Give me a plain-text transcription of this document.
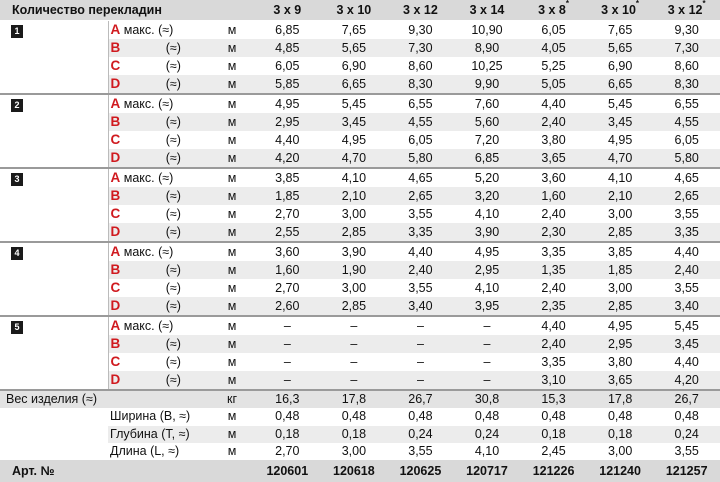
Количество перекладин					3 x 9	3 x 10	3 x 12	3 x 14	3 x 8*	3 x 10*	3 x 12*
	1		A макс. (≈)	м	6,85	7,65	9,30	10,90	6,05	7,65	9,30
			B (≈)	м	4,85	5,65	7,30	8,90	4,05	5,65	7,30
			C (≈)	м	6,05	6,90	8,60	10,25	5,25	6,90	8,60
			D (≈)	м	5,85	6,65	8,30	9,90	5,05	6,65	8,30
	2		A макс. (≈)	м	4,95	5,45	6,55	7,60	4,40	5,45	6,55
			B (≈)	м	2,95	3,45	4,55	5,60	2,40	3,45	4,55
			C (≈)	м	4,40	4,95	6,05	7,20	3,80	4,95	6,05
			D (≈)	м	4,20	4,70	5,80	6,85	3,65	4,70	5,80
	3		A макс. (≈)	м	3,85	4,10	4,65	5,20	3,60	4,10	4,65
			B (≈)	м	1,85	2,10	2,65	3,20	1,60	2,10	2,65
			C (≈)	м	2,70	3,00	3,55	4,10	2,40	3,00	3,55
			D (≈)	м	2,55	2,85	3,35	3,90	2,30	2,85	3,35
	4		A макс. (≈)	м	3,60	3,90	4,40	4,95	3,35	3,85	4,40
			B (≈)	м	1,60	1,90	2,40	2,95	1,35	1,85	2,40
			C (≈)	м	2,70	3,00	3,55	4,10	2,40	3,00	3,55
			D (≈)	м	2,60	2,85	3,40	3,95	2,35	2,85	3,40
	5		A макс. (≈)	м	–	–	–	–	4,40	4,95	5,45
			B (≈)	м	–	–	–	–	2,40	2,95	3,45
			C (≈)	м	–	–	–	–	3,35	3,80	4,40
			D (≈)	м	–	–	–	–	3,10	3,65	4,20
Вес изделия (≈)				кг	16,3	17,8	26,7	30,8	15,3	17,8	26,7
	Ширина (B, ≈)	м	0,48	0,48	0,48	0,48	0,48	0,48	0,48
			Глубина (T, ≈)	м	0,18	0,18	0,24	0,24	0,18	0,18	0,24
			Длина (L, ≈)	м	2,70	3,00	3,55	4,10	2,45	3,00	3,55
Арт. №					120601	120618	120625	120717	121226	121240	121257
